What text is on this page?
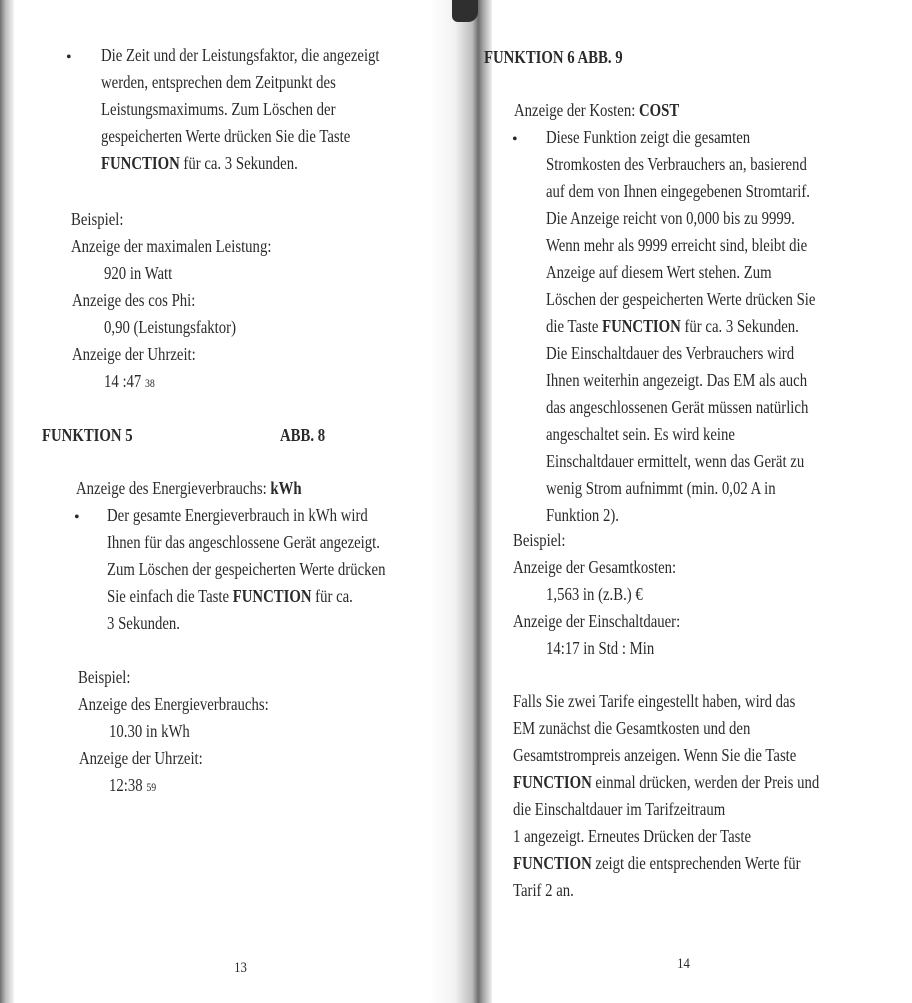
• Die Zeit und der Leistungsfaktor, die angezeigt
werden, entsprechen dem Zeitpunkt des
Leistungsmaximums. Zum Löschen der
gespeicherten Werte drücken Sie die Taste
FUNCTION für ca. 3 Sekunden.
Beispiel:
Anzeige der maximalen Leistung:
920 in Watt
Anzeige des cos Phi:
0,90 (Leistungsfaktor)
Anzeige der Uhrzeit:
14 :47 38
FUNKTION 5	ABB. 8
Anzeige des Energieverbrauchs: kWh
• Der gesamte Energieverbrauch in kWh wird
Ihnen für das angeschlossene Gerät angezeigt.
Zum Löschen der gespeicherten Werte drücken
Sie einfach die Taste FUNCTION für ca.
3 Sekunden.
Beispiel:
Anzeige des Energieverbrauchs:
10.30 in kWh
Anzeige der Uhrzeit:
12:38 59
13
FUNKTION 6 ABB. 9
Anzeige der Kosten: COST
• Diese Funktion zeigt die gesamten
Stromkosten des Verbrauchers an, basierend
auf dem von Ihnen eingegebenen Stromtarif.
Die Anzeige reicht von 0,000 bis zu 9999.
Wenn mehr als 9999 erreicht sind, bleibt die
Anzeige auf diesem Wert stehen. Zum
Löschen der gespeicherten Werte drücken Sie
die Taste FUNCTION für ca. 3 Sekunden.
Die Einschaltdauer des Verbrauchers wird
Ihnen weiterhin angezeigt. Das EM als auch
das angeschlossenen Gerät müssen natürlich
angeschaltet sein. Es wird keine
Einschaltdauer ermittelt, wenn das Gerät zu
wenig Strom aufnimmt (min. 0,02 A in
Funktion 2).
Beispiel:
Anzeige der Gesamtkosten:
1,563 in (z.B.) €
Anzeige der Einschaltdauer:
14:17 in Std : Min
Falls Sie zwei Tarife eingestellt haben, wird das
EM zunächst die Gesamtkosten und den
Gesamtstrompreis anzeigen. Wenn Sie die Taste
FUNCTION einmal drücken, werden der Preis und
die Einschaltdauer im Tarifzeitraum
1 angezeigt. Erneutes Drücken der Taste
FUNCTION zeigt die entsprechenden Werte für
Tarif 2 an.
14
